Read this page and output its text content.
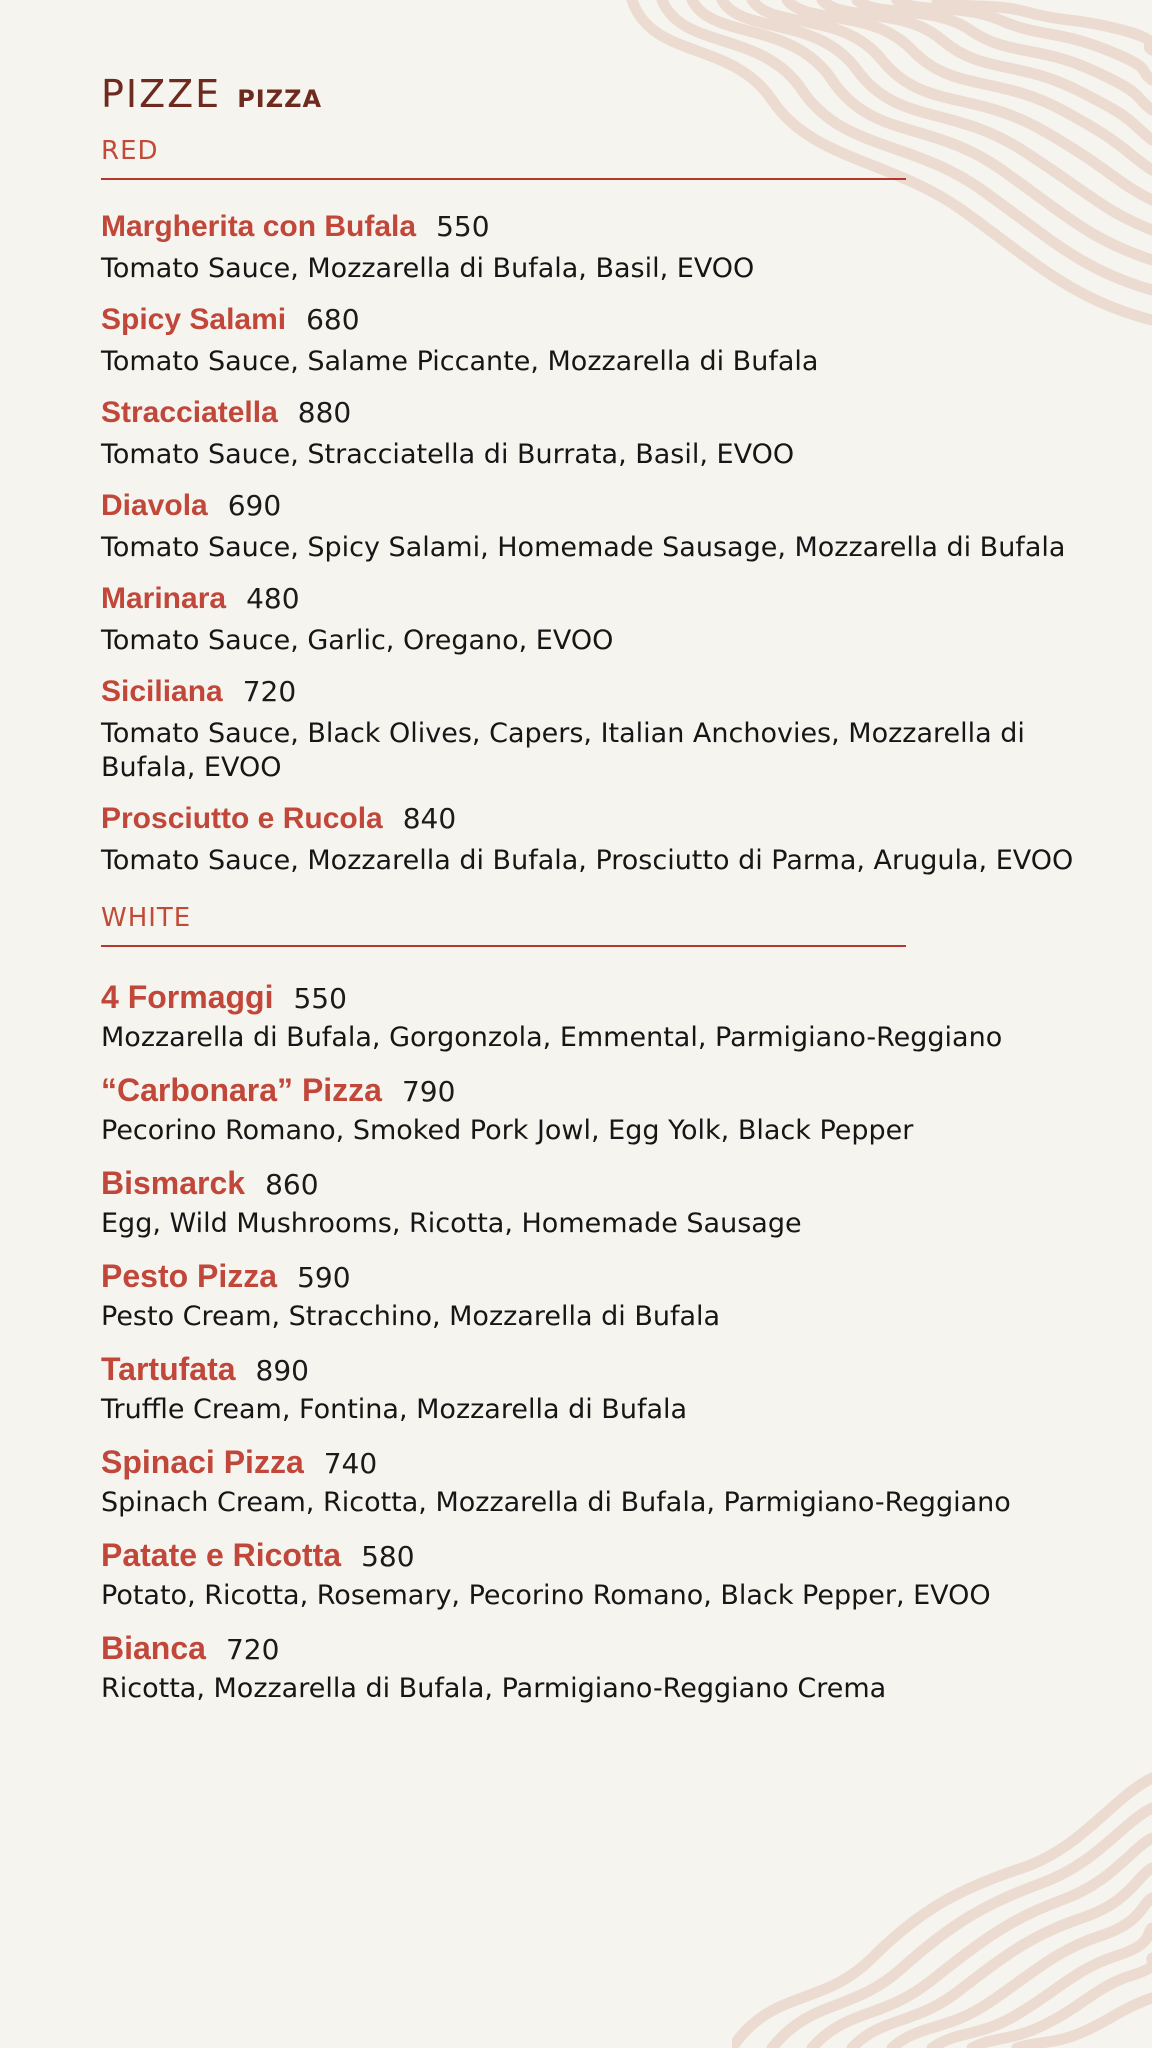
PIZZE PIZZA
RED
Margherita con Bufala 550
Tomato Sauce, Mozzarella di Bufala, Basil, EVOO
Spicy Salami 680
Tomato Sauce, Salame Piccante, Mozzarella di Bufala
Stracciatella 880
Tomato Sauce, Stracciatella di Burrata, Basil, EVOO
Diavola 690
Tomato Sauce, Spicy Salami, Homemade Sausage, Mozzarella di Bufala
Marinara 480
Tomato Sauce, Garlic, Oregano, EVOO
Siciliana 720
Tomato Sauce, Black Olives, Capers, Italian Anchovies, Mozzarella di Bufala, EVOO
Prosciutto e Rucola 840
Tomato Sauce, Mozzarella di Bufala, Prosciutto di Parma, Arugula, EVOO
WHITE
4 Formaggi 550
Mozzarella di Bufala, Gorgonzola, Emmental, Parmigiano-Reggiano
“Carbonara” Pizza 790
Pecorino Romano, Smoked Pork Jowl, Egg Yolk, Black Pepper
Bismarck 860
Egg, Wild Mushrooms, Ricotta, Homemade Sausage
Pesto Pizza 590
Pesto Cream, Stracchino, Mozzarella di Bufala
Tartufata 890
Truffle Cream, Fontina, Mozzarella di Bufala
Spinaci Pizza 740
Spinach Cream, Ricotta, Mozzarella di Bufala, Parmigiano-Reggiano
Patate e Ricotta 580
Potato, Ricotta, Rosemary, Pecorino Romano, Black Pepper, EVOO
Bianca 720
Ricotta, Mozzarella di Bufala, Parmigiano-Reggiano Crema
